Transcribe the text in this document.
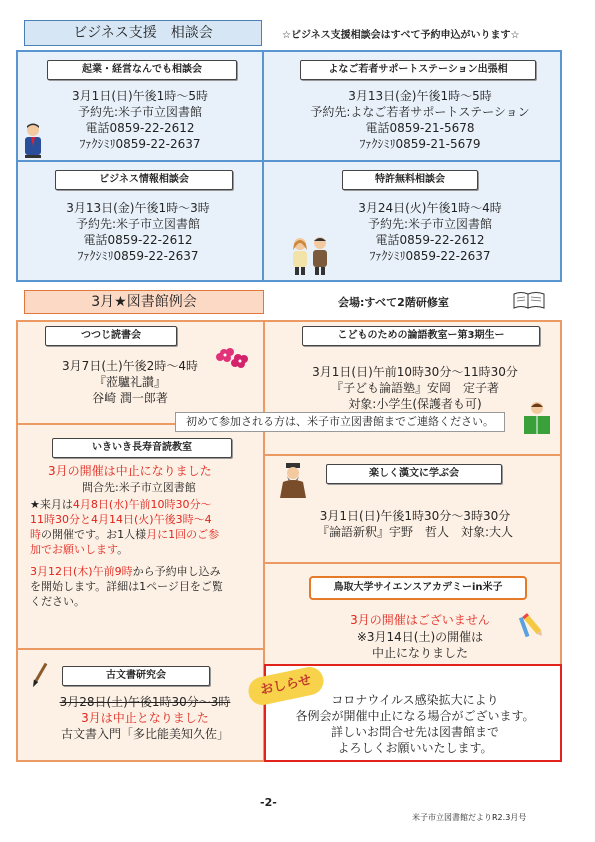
ビジネス支援　相談会	☆ビジネス支援相談会はすべて予約申込がいります☆
起業・経営なんでも相談会
3月1日(日)午後1時～5時
予約先:米子市立図書館
電話0859-22-2612
ﾌｧｸｼﾐﾘ0859-22-2637
よなご若者サポートステーション出張相
3月13日(金)午後1時～5時
予約先:よなご若者サポートステーション
電話0859-21-5678
ﾌｧｸｼﾐﾘ0859-21-5679
ビジネス情報相談会
3月13日(金)午後1時～3時
予約先:米子市立図書館
電話0859-22-2612
ﾌｧｸｼﾐﾘ0859-22-2637
特許無料相談会
3月24日(火)午後1時～4時
予約先:米子市立図書館
電話0859-22-2612
ﾌｧｸｼﾐﾘ0859-22-2637
3月★図書館例会	会場:すべて2階研修室
つつじ読書会
3月7日(土)午後2時～4時
『蒞驢礼讃』
谷崎 潤一郎著
こどものための論語教室ー第3期生ー
3月1日(日)午前10時30分～11時30分
『子ども論語塾』安岡　定子著
対象:小学生(保護者も可)
初めて参加される方は、米子市立図書館までご連絡ください。
いきいき長寿音読教室
3月の開催は中止になりました
問合先:米子市立図書館
★来月は4月8日(水)午前10時30分～
11時30分と4月14日(火)午後3時～4
時の開催です。お1人様月に1回のご参
加でお願いします。
3月12日(木)午前9時から予約申し込み
を開始します。詳細は1ページ目をご覧
ください。
楽しく漢文に学ぶ会
3月1日(日)午後1時30分～3時30分
『論語新釈』宇野　哲人　対象:大人
鳥取大学サイエンスアカデミーin米子
3月の開催はございません
※3月14日(土)の開催は
中止になりました
古文書研究会
3月28日(土)午後1時30分～3時
3月は中止となりました
古文書入門「多比能美知久佐」
おしらせ
コロナウイルス感染拡大により
各例会が開催中止になる場合がございます。
詳しいお問合せ先は図書館まで
よろしくお願いいたします。
-2-
米子市立図書館だよりR2.3月号
